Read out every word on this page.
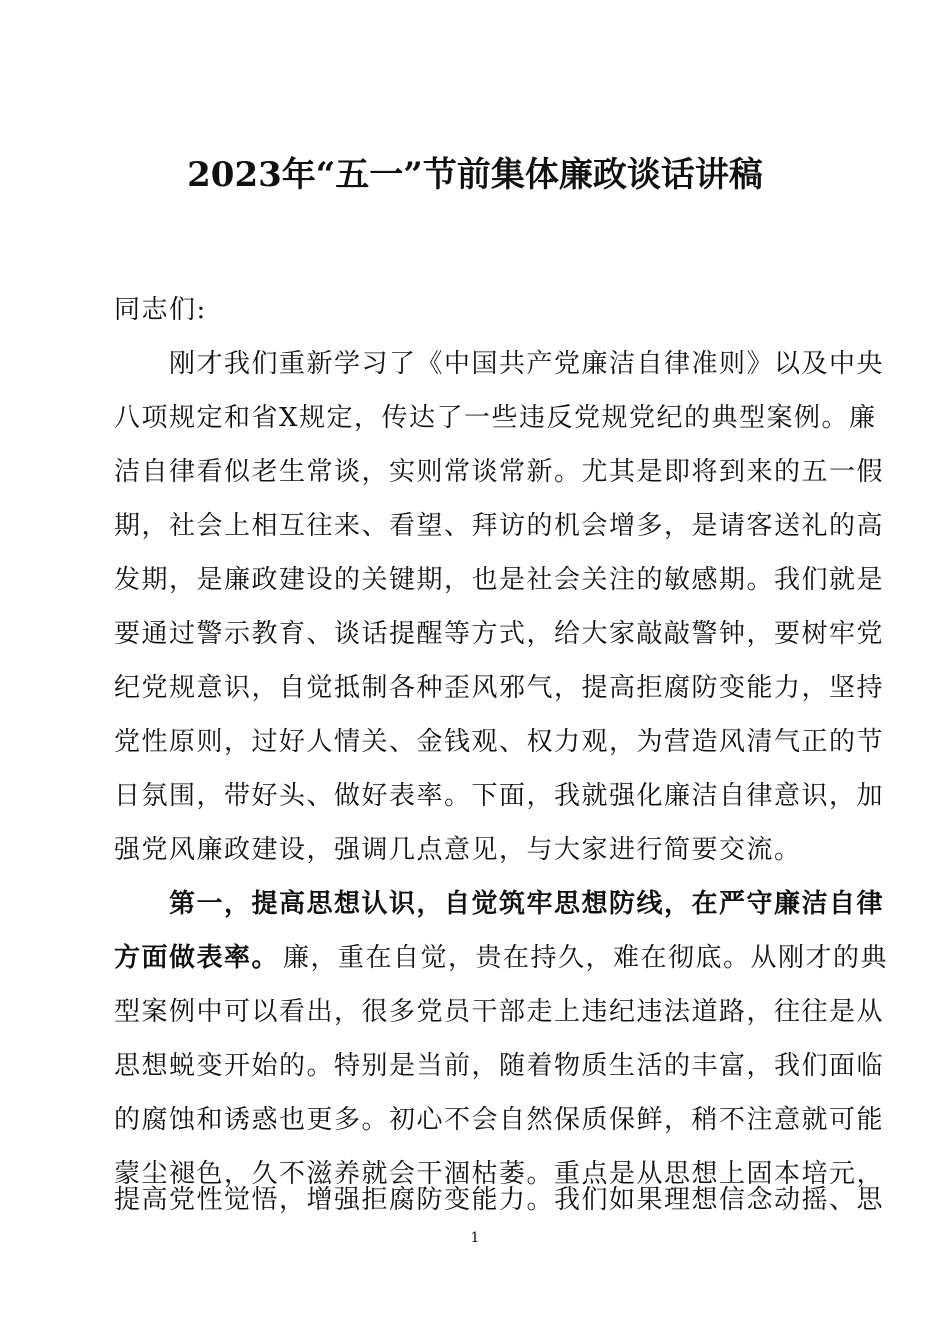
2023年“五一”节前集体廉政谈话讲稿
同志们:
　　刚才我们重新学习了《中国共产党廉洁自律准则》以及中央
八项规定和省X规定，传达了一些违反党规党纪的典型案例。廉
洁自律看似老生常谈，实则常谈常新。尤其是即将到来的五一假
期，社会上相互往来、看望、拜访的机会增多，是请客送礼的高
发期，是廉政建设的关键期，也是社会关注的敏感期。我们就是
要通过警示教育、谈话提醒等方式，给大家敲敲警钟，要树牢党
纪党规意识，自觉抵制各种歪风邪气，提高拒腐防变能力，坚持
党性原则，过好人情关、金钱观、权力观，为营造风清气正的节
日氛围，带好头、做好表率。下面，我就强化廉洁自律意识，加
强党风廉政建设，强调几点意见，与大家进行简要交流。
　　第一，提高思想认识，自觉筑牢思想防线，在严守廉洁自律
方面做表率。 廉，重在自觉，贵在持久，难在彻底。从刚才的典
型案例中可以看出，很多党员干部走上违纪违法道路，往往是从
思想蜕变开始的。特别是当前，随着物质生活的丰富，我们面临
的腐蚀和诱惑也更多。初心不会自然保质保鲜，稍不注意就可能
蒙尘褪色，久不滋养就会干涸枯萎。重点是从思想上固本培元，
提高党性觉悟，增强拒腐防变能力。我们如果理想信念动摇、思
1
